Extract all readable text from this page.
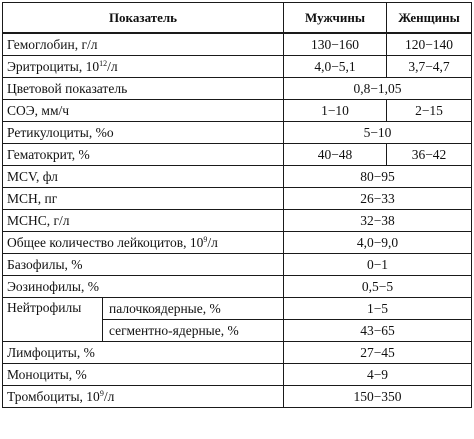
Показатель		Мужчины	Женщины
Гемоглобин, г/л		130−160	120−140
Эритроциты, $10^{12}/л$		4,0−5,1	3,7−4,7
Цветовой показатель		0,8−1,05	
СОЭ, мм/ч		1−10	2−15
Ретикулоциты, %о		5−10	
Гематокрит, %		40−48	36−42
MCV, фл		80−95	
МСН, пг		26−33	
МСНС, г/л		32−38	
Общее количество лейкоцитов, $10^9/л$		4,0−9,0	
Базофилы, %		0−1	
Эозинофилы, %		0,5−5	
Нейтрофилы	палочкоядерные, %	1−5	
	сегментно-ядерные, %	43−65	
Лимфоциты, %		27−45	
Моноциты, %		4−9	
Тромбоциты, $10^9/л$		150−350	
